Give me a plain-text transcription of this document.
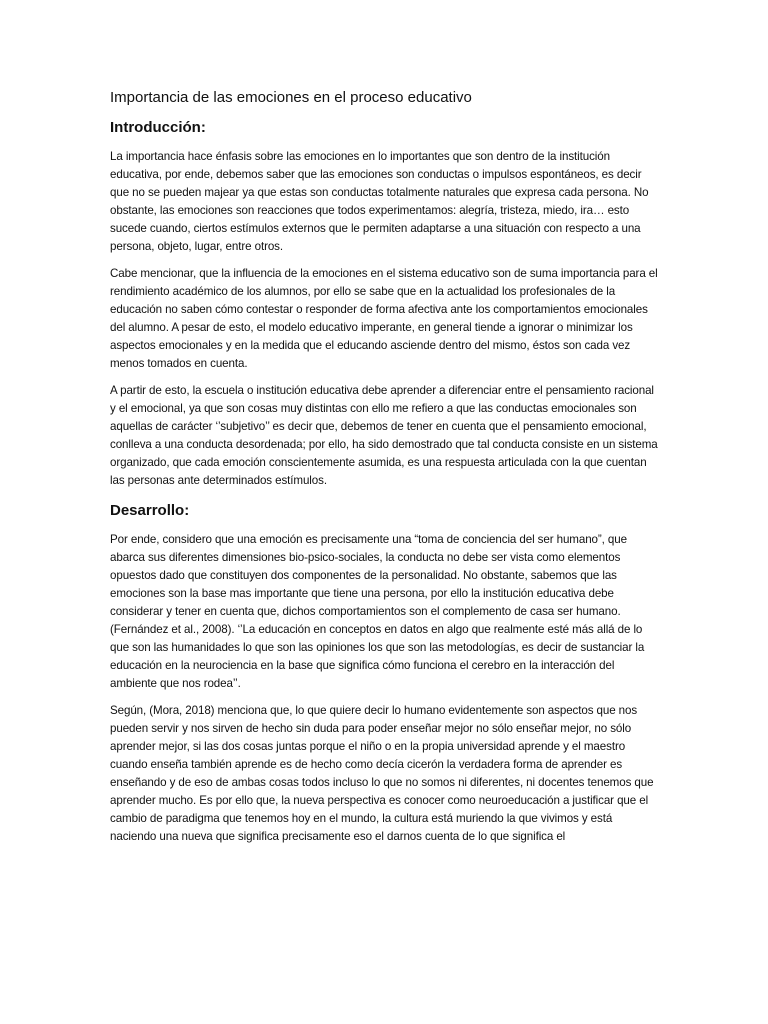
Importancia de las emociones en el proceso educativo
Introducción:

La importancia hace énfasis sobre las emociones en lo importantes que son dentro de la institución educativa, por ende, debemos saber que las emociones son conductas o impulsos espontáneos, es decir que no se pueden majear ya que estas son conductas totalmente naturales que expresa cada persona. No obstante, las emociones son reacciones que todos experimentamos: alegría, tristeza, miedo, ira… esto sucede cuando, ciertos estímulos externos que le permiten adaptarse a una situación con respecto a una persona, objeto, lugar, entre otros.

Cabe mencionar, que la influencia de la emociones en el sistema educativo son de suma importancia para el rendimiento académico de los alumnos, por ello se sabe que en la actualidad los profesionales de la educación no saben cómo contestar o responder de forma afectiva ante los comportamientos emocionales del alumno. A pesar de esto, el modelo educativo imperante, en general tiende a ignorar o minimizar los aspectos emocionales y en la medida que el educando asciende dentro del mismo, éstos son cada vez menos tomados en cuenta.

A partir de esto, la escuela o institución educativa debe aprender a diferenciar entre el pensamiento racional y el emocional, ya que son cosas muy distintas con ello me refiero a que las conductas emocionales son aquellas de carácter ‘’subjetivo’’ es decir que, debemos de tener en cuenta que el pensamiento emocional, conlleva a una conducta desordenada; por ello, ha sido demostrado que tal conducta consiste en un sistema organizado, que cada emoción conscientemente asumida, es una respuesta articulada con la que cuentan las personas ante determinados estímulos.

Desarrollo:

Por ende, considero que una emoción es precisamente una “toma de conciencia del ser humano”, que abarca sus diferentes dimensiones bio-psico-sociales, la conducta no debe ser vista como elementos opuestos dado que constituyen dos componentes de la personalidad. No obstante, sabemos que las emociones son la base mas importante que tiene una persona, por ello la institución educativa debe considerar y tener en cuenta que, dichos comportamientos son el complemento de casa ser humano.(Fernández et al., 2008). ‘’La educación en conceptos en datos en algo que realmente esté más allá de lo que son las humanidades lo que son las opiniones los que son las metodologías, es decir de sustanciar la educación en la neurociencia en la base que significa cómo funciona el cerebro en la interacción del ambiente que nos rodea’’.

Según, (Mora, 2018) menciona que, lo que quiere decir lo humano evidentemente son aspectos que nos pueden servir y nos sirven de hecho sin duda para poder enseñar mejor no sólo enseñar mejor, no sólo aprender mejor, si las dos cosas juntas porque el niño o en la propia universidad aprende y el maestro cuando enseña también aprende es de hecho como decía cicerón la verdadera forma de aprender es enseñando y de eso de ambas cosas todos incluso lo que no somos ni diferentes, ni docentes tenemos que aprender mucho. Es por ello que, la nueva perspectiva es conocer como neuroeducación a justificar que el cambio de paradigma que tenemos hoy en el mundo, la cultura está muriendo la que vivimos y está naciendo una nueva que significa precisamente eso el darnos cuenta de lo que significa el
